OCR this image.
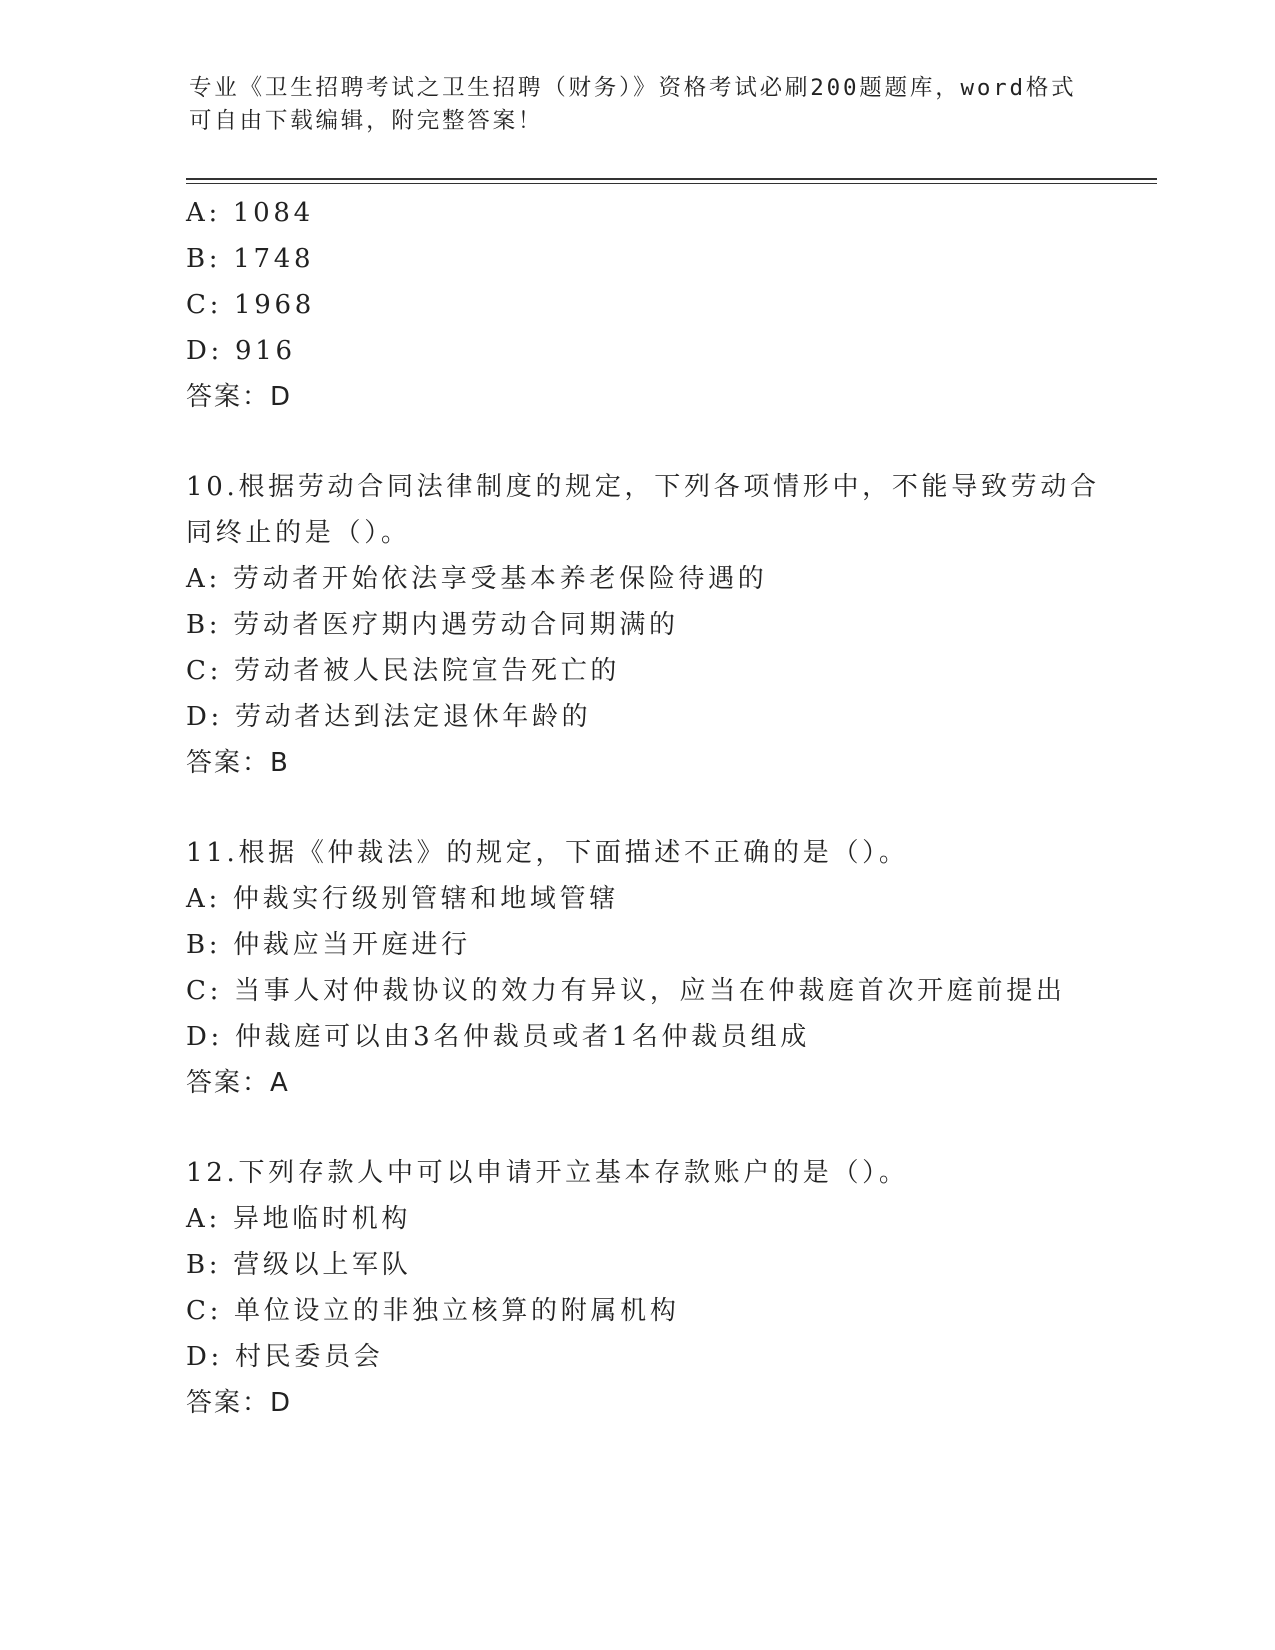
专业《卫生招聘考试之卫生招聘（财务）》资格考试必刷200题题库，word格式
可自由下载编辑，附完整答案！
A: 1084
B: 1748
C: 1968
D: 916
答案：D
10.根据劳动合同法律制度的规定，下列各项情形中，不能导致劳动合
同终止的是（）。
A: 劳动者开始依法享受基本养老保险待遇的
B: 劳动者医疗期内遇劳动合同期满的
C: 劳动者被人民法院宣告死亡的
D: 劳动者达到法定退休年龄的
答案：B
11.根据《仲裁法》的规定，下面描述不正确的是（）。
A: 仲裁实行级别管辖和地域管辖
B: 仲裁应当开庭进行
C: 当事人对仲裁协议的效力有异议，应当在仲裁庭首次开庭前提出
D: 仲裁庭可以由3名仲裁员或者1名仲裁员组成
答案：A
12.下列存款人中可以申请开立基本存款账户的是（）。
A: 异地临时机构
B: 营级以上军队
C: 单位设立的非独立核算的附属机构
D: 村民委员会
答案：D
